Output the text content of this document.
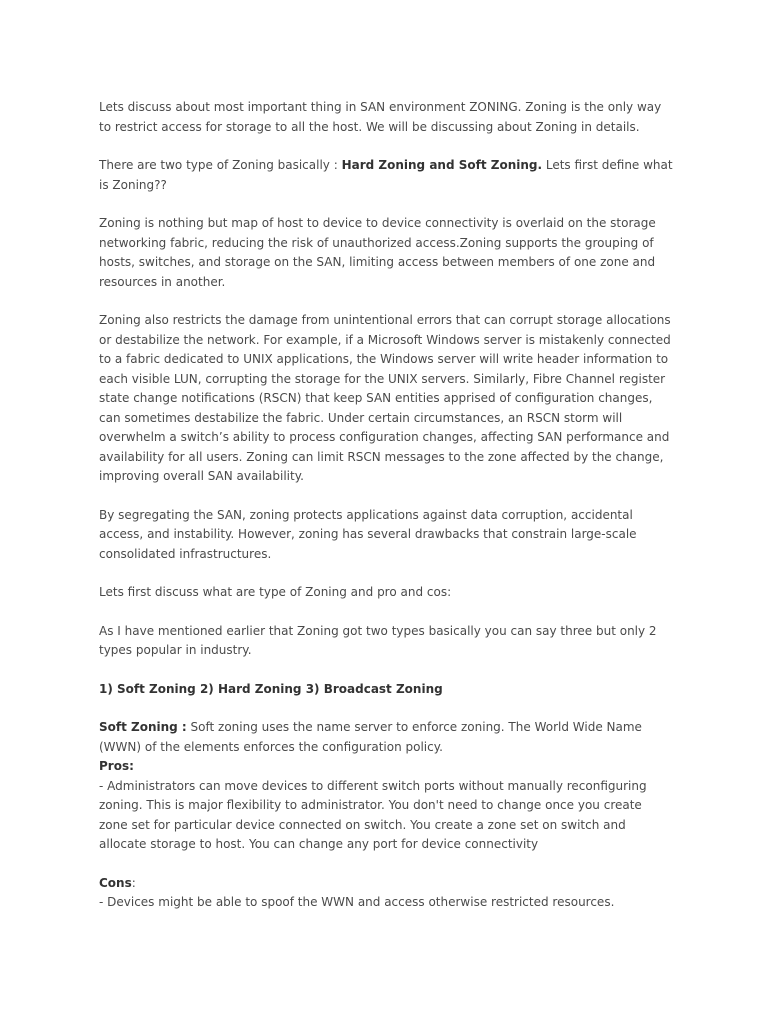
Lets discuss about most important thing in SAN environment ZONING. Zoning is the only way to restrict access for storage to all the host. We will be discussing about Zoning in details.

There are two type of Zoning basically : Hard Zoning and Soft Zoning. Lets first define what is Zoning??

Zoning is nothing but map of host to device to device connectivity is overlaid on the storage networking fabric, reducing the risk of unauthorized access.Zoning supports the grouping of hosts, switches, and storage on the SAN, limiting access between members of one zone and resources in another.

Zoning also restricts the damage from unintentional errors that can corrupt storage allocations or destabilize the network. For example, if a Microsoft Windows server is mistakenly connected to a fabric dedicated to UNIX applications, the Windows server will write header information to each visible LUN, corrupting the storage for the UNIX servers. Similarly, Fibre Channel register state change notifications (RSCN) that keep SAN entities apprised of configuration changes, can sometimes destabilize the fabric. Under certain circumstances, an RSCN storm will overwhelm a switch’s ability to process configuration changes, affecting SAN performance and availability for all users. Zoning can limit RSCN messages to the zone affected by the change, improving overall SAN availability.

By segregating the SAN, zoning protects applications against data corruption, accidental access, and instability. However, zoning has several drawbacks that constrain large-scale consolidated infrastructures.

Lets first discuss what are type of Zoning and pro and cos:

As I have mentioned earlier that Zoning got two types basically you can say three but only 2 types popular in industry.

1) Soft Zoning 2) Hard Zoning 3) Broadcast Zoning

Soft Zoning : Soft zoning uses the name server to enforce zoning. The World Wide Name (WWN) of the elements enforces the configuration policy.

Pros:

- Administrators can move devices to different switch ports without manually reconfiguring zoning. This is major flexibility to administrator. You don't need to change once you create zone set for particular device connected on switch. You create a zone set on switch and allocate storage to host. You can change any port for device connectivity

Cons:

- Devices might be able to spoof the WWN and access otherwise restricted resources.
